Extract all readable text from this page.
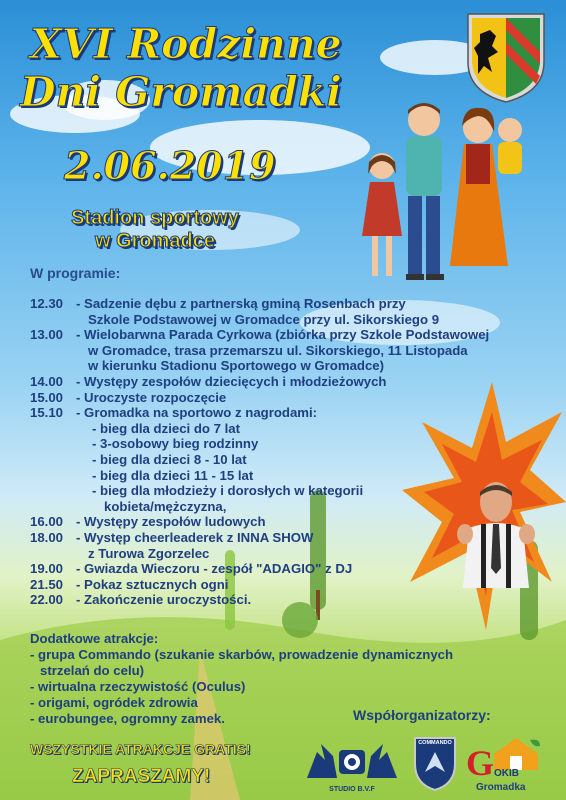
XVI Rodzinne
Dni Gromadki
2.06.2019
Stadion sportowy
w Gromadce
W programie:
12.30 - Sadzenie dębu z partnerską gminą Rosenbach przy
Szkole Podstawowej w Gromadce przy ul. Sikorskiego 9
13.00 - Wielobarwna Parada Cyrkowa (zbiórka przy Szkole Podstawowej
w Gromadce, trasa przemarszu ul. Sikorskiego, 11 Listopada
w kierunku Stadionu Sportowego w Gromadce)
14.00 - Występy zespołów dziecięcych i młodzieżowych
15.00 - Uroczyste rozpoczęcie
15.10 - Gromadka na sportowo z nagrodami:
- bieg dla dzieci do 7 lat
- 3-osobowy bieg rodzinny
- bieg dla dzieci 8 - 10 lat
- bieg dla dzieci 11 - 15 lat
- bieg dla młodzieży i dorosłych w kategorii
kobieta/mężczyzna,
16.00 - Występy zespołów ludowych
18.00 - Występ cheerleaderek z INNA SHOW
z Turowa Zgorzelec
19.00 - Gwiazda Wieczoru - zespół "ADAGIO" z DJ
21.50 - Pokaz sztucznych ogni
22.00 - Zakończenie uroczystości.
Dodatkowe atrakcje:
- grupa Commando (szukanie skarbów, prowadzenie dynamicznych
strzelań do celu)
- wirtualna rzeczywistość (Oculus)
- origami, ogródek zdrowia
- eurobungee, ogromny zamek.
WSZYSTKIE ATRAKCJE GRATIS!
ZAPRASZAMY!
Współorganizatorzy:
STUDIO B.V.F
COMMANDO G OKIB
Gromadka
